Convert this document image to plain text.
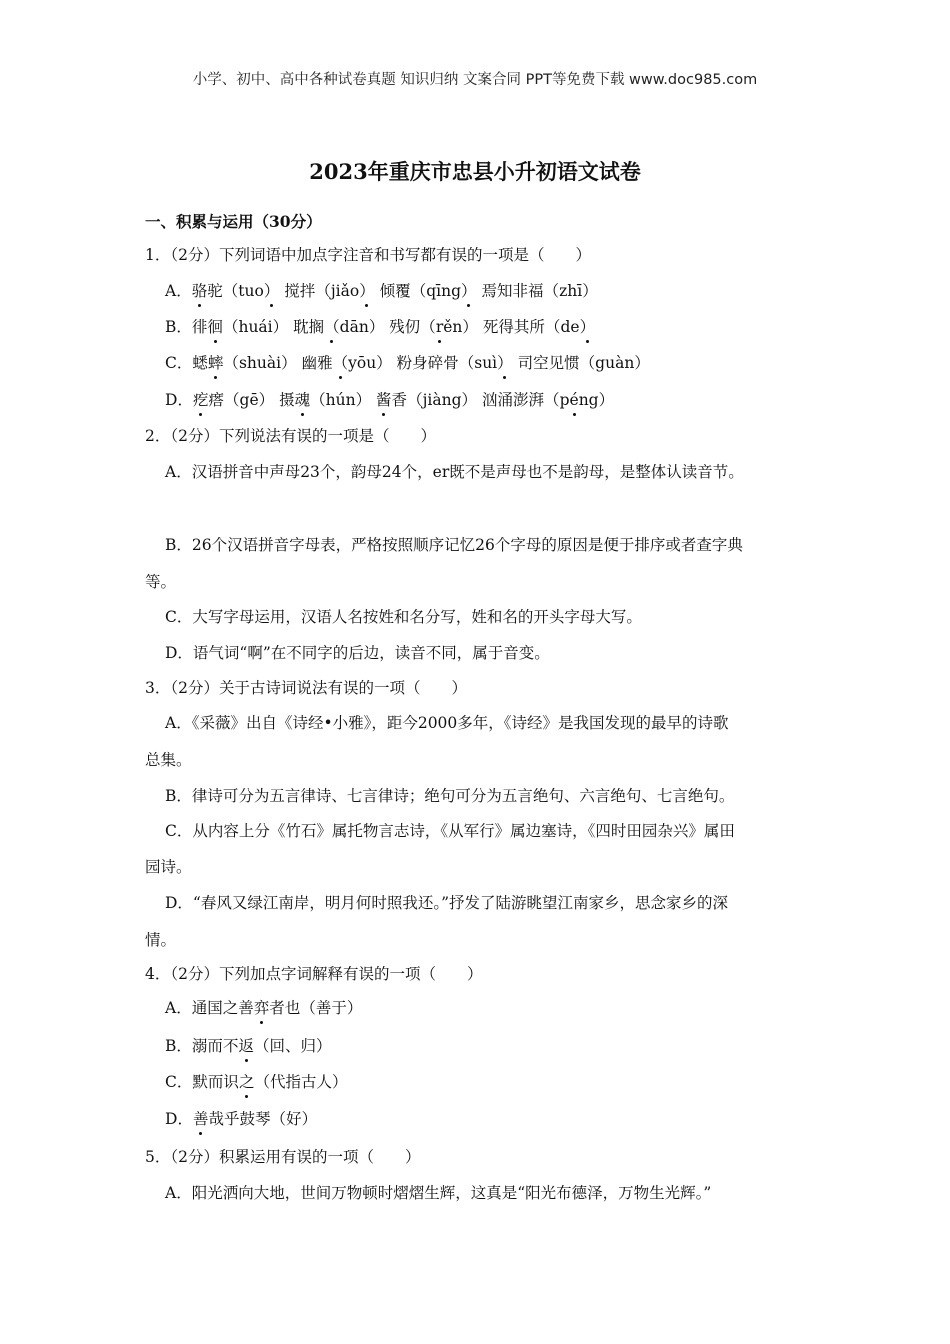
小学、初中、高中各种试卷真题 知识归纳 文案合同 PPT等免费下载 www.doc985.com
2023年重庆市忠县小升初语文试卷
一、积累与运用（30分）
1．（2分）下列词语中加点字注音和书写都有误的一项是（　　）
A．骆驼（tuo） 搅拌（jiǎo） 倾覆（qīng） 焉知非福（zhī）
B．徘徊（huái） 耽搁（dān） 残仞（rěn） 死得其所（de）
C．蟋蟀（shuài） 幽雅（yōu） 粉身碎骨（suì） 司空见惯（guàn）
D．疙瘩（gē） 摄魂（hún） 酱香（jiàng） 汹涌澎湃（péng）
2．（2分）下列说法有误的一项是（　　）
A．汉语拼音中声母23个，韵母24个，er既不是声母也不是韵母，是整体认读音节。
B．26个汉语拼音字母表，严格按照顺序记忆26个字母的原因是便于排序或者查字典
等。
C．大写字母运用，汉语人名按姓和名分写，姓和名的开头字母大写。
D．语气词“啊”在不同字的后边，读音不同，属于音变。
3．（2分）关于古诗词说法有误的一项（　　）
A．《采薇》出自《诗经•小雅》，距今2000多年，《诗经》是我国发现的最早的诗歌
总集。
B．律诗可分为五言律诗、七言律诗；绝句可分为五言绝句、六言绝句、七言绝句。
C．从内容上分《竹石》属托物言志诗，《从军行》属边塞诗，《四时田园杂兴》属田
园诗。
D．“春风又绿江南岸，明月何时照我还。”抒发了陆游眺望江南家乡，思念家乡的深
情。
4．（2分）下列加点字词解释有误的一项（　　）
A．通国之善弈者也（善于）
B．溺而不返（回、归）
C．默而识之（代指古人）
D．善哉乎鼓琴（好）
5．（2分）积累运用有误的一项（　　）
A．阳光洒向大地，世间万物顿时熠熠生辉，这真是“阳光布德泽，万物生光辉。”
